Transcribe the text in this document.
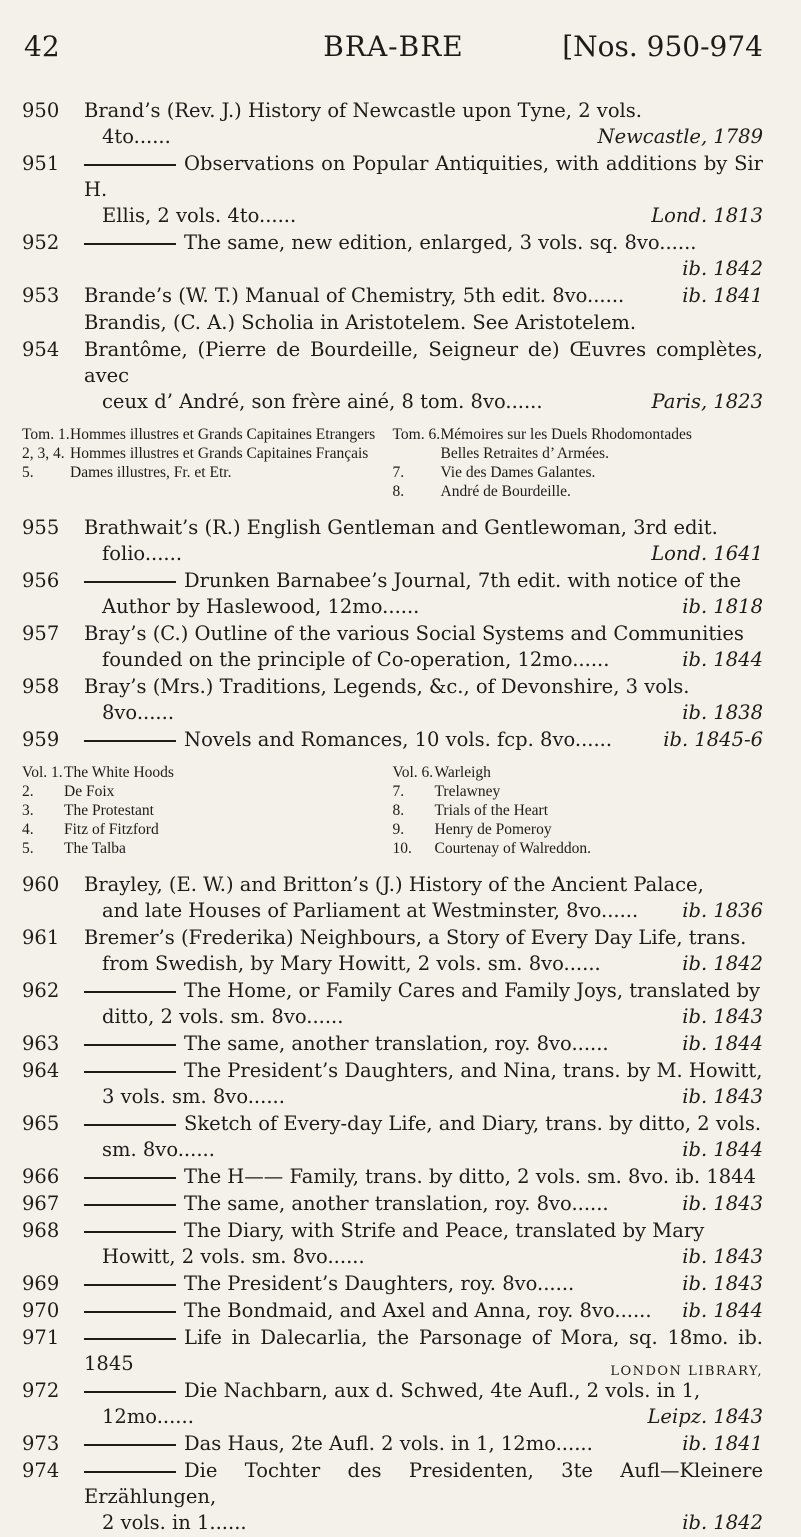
42	BRA-BRE	[Nos. 950-974
950	Brand’s (Rev. J.) History of Newcastle upon Tyne, 2 vols.
4to......	Newcastle, 1789
951	Observations on Popular Antiquities, with additions by Sir H.
Ellis, 2 vols. 4to......	Lond. 1813
952	The same, new edition, enlarged, 3 vols. sq. 8vo......
ib. 1842
953	Brande’s (W. T.) Manual of Chemistry, 5th edit. 8vo......	ib. 1841
Brandis, (C. A.) Scholia in Aristotelem. See Aristotelem.
954	Brantôme, (Pierre de Bourdeille, Seigneur de) Œuvres complètes, avec
ceux d’ André, son frère ainé, 8 tom. 8vo......	Paris, 1823
Tom. 1. Hommes illustres et Grands Capitaines Etrangers
2, 3, 4. Hommes illustres et Grands Capitaines Français
5.	Dames illustres, Fr. et Etr.
Tom. 6. Mémoires sur les Duels Rhodomontades
Belles Retraites d’ Armées.
7.	Vie des Dames Galantes.
8.	André de Bourdeille.
955	Brathwait’s (R.) English Gentleman and Gentlewoman, 3rd edit.
folio......	Lond. 1641
956	Drunken Barnabee’s Journal, 7th edit. with notice of the
Author by Haslewood, 12mo......	ib. 1818
957	Bray’s (C.) Outline of the various Social Systems and Communities
founded on the principle of Co-operation, 12mo......	ib. 1844
958	Bray’s (Mrs.) Traditions, Legends, &c., of Devonshire, 3 vols.
8vo......	ib. 1838
959	Novels and Romances, 10 vols. fcp. 8vo......	ib. 1845-6
Vol. 1. The White Hoods
2.	De Foix
3.	The Protestant
4.	Fitz of Fitzford
5.	The Talba
Vol. 6. Warleigh
7.	Trelawney
8.	Trials of the Heart
9.	Henry de Pomeroy
10.	Courtenay of Walreddon.
960	Brayley, (E. W.) and Britton’s (J.) History of the Ancient Palace,
and late Houses of Parliament at Westminster, 8vo......	ib. 1836
961	Bremer’s (Frederika) Neighbours, a Story of Every Day Life, trans.
from Swedish, by Mary Howitt, 2 vols. sm. 8vo......	ib. 1842
962	The Home, or Family Cares and Family Joys, translated by
ditto, 2 vols. sm. 8vo......	ib. 1843
963	The same, another translation, roy. 8vo......	ib. 1844
964	The President’s Daughters, and Nina, trans. by M. Howitt,
3 vols. sm. 8vo......	ib. 1843
965	Sketch of Every-day Life, and Diary, trans. by ditto, 2 vols.
sm. 8vo......	ib. 1844
966	The H—— Family, trans. by ditto, 2 vols. sm. 8vo. ib. 1844
967	The same, another translation, roy. 8vo......	ib. 1843
968	The Diary, with Strife and Peace, translated by Mary
Howitt, 2 vols. sm. 8vo......	ib. 1843
969	The President’s Daughters, roy. 8vo......	ib. 1843
970	The Bondmaid, and Axel and Anna, roy. 8vo......	ib. 1844
971	Life in Dalecarlia, the Parsonage of Mora, sq. 18mo. ib. 1845
972	Die Nachbarn, aux d. Schwed, 4te Aufl., 2 vols. in 1,
12mo......	Leipz. 1843
973	Das Haus, 2te Aufl. 2 vols. in 1, 12mo......	ib. 1841
974	Die Tochter des Presidenten, 3te Aufl—Kleinere Erzählungen,
2 vols. in 1......	ib. 1842
LONDON LIBRARY,
